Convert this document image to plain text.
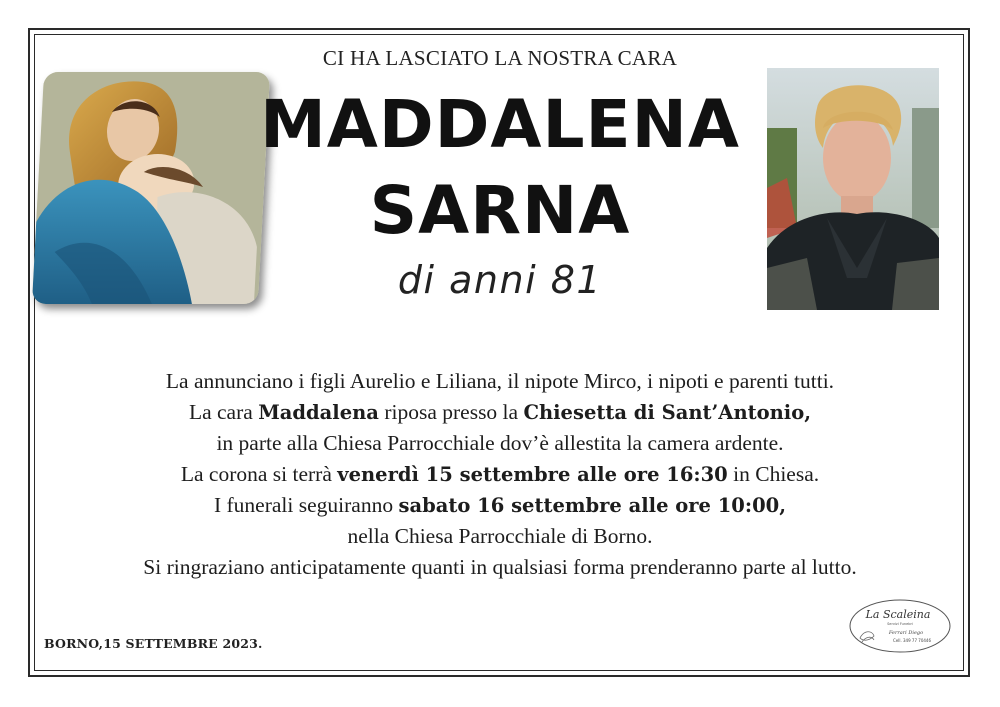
CI HA LASCIATO LA NOSTRA CARA
MADDALENA
SARNA
di anni 81

La annunciano i figli Aurelio e Liliana, il nipote Mirco, i nipoti e parenti tutti.

La cara Maddalena riposa presso la Chiesetta di Sant’Antonio,

in parte alla Chiesa Parrocchiale dov’è allestita la camera ardente.

La corona si terrà venerdì 15 settembre alle ore 16:30 in Chiesa.

I funerali seguiranno sabato 16 settembre alle ore 10:00,

nella Chiesa Parrocchiale di Borno.

Si ringraziano anticipatamente quanti in qualsiasi forma prenderanno parte al lutto.

BORNO,15 SETTEMBRE 2023.
La Scaleina
Servizi Funebri
Ferrari Diego
Cell. 349 77 70446
